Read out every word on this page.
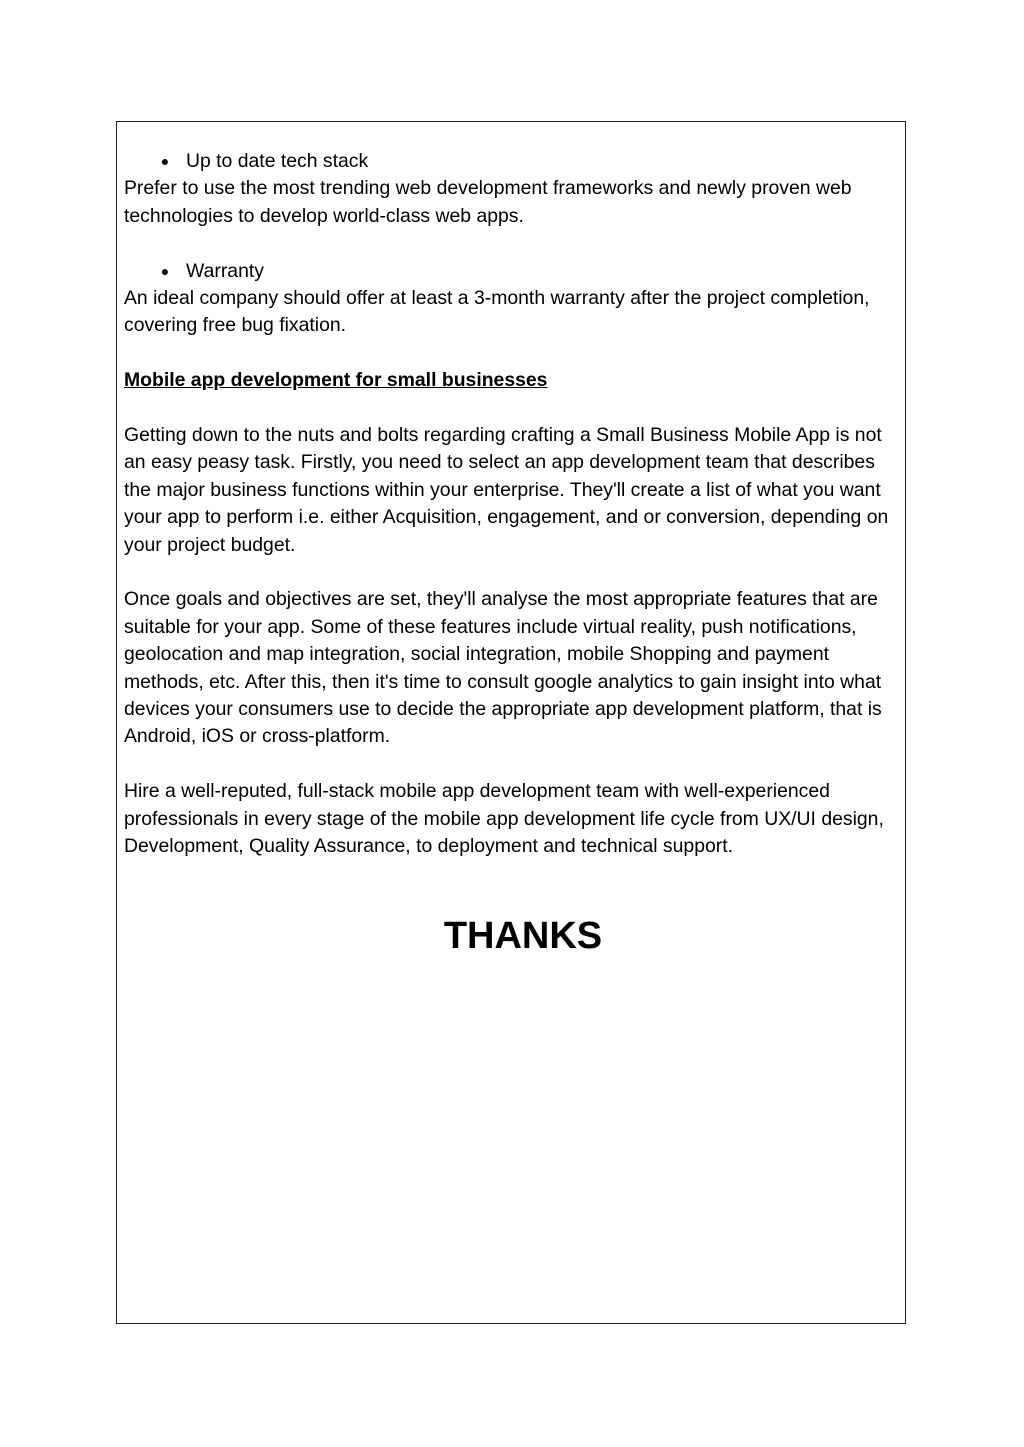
● Up to date tech stack

Prefer to use the most trending web development frameworks and newly proven web technologies to develop world-class web apps.

● Warranty

An ideal company should offer at least a 3-month warranty after the project completion, covering free bug fixation.

Mobile app development for small businesses

Getting down to the nuts and bolts regarding crafting a Small Business Mobile App is not an easy peasy task. Firstly, you need to select an app development team that describes the major business functions within your enterprise. They'll create a list of what you want your app to perform i.e. either Acquisition, engagement, and or conversion, depending on your project budget.

Once goals and objectives are set, they'll analyse the most appropriate features that are suitable for your app. Some of these features include virtual reality, push notifications, geolocation and map integration, social integration, mobile Shopping and payment methods, etc. After this, then it's time to consult google analytics to gain insight into what devices your consumers use to decide the appropriate app development platform, that is Android, iOS or cross-platform.

Hire a well-reputed, full-stack mobile app development team with well-experienced professionals in every stage of the mobile app development life cycle from UX/UI design, Development, Quality Assurance, to deployment and technical support.

THANKS
